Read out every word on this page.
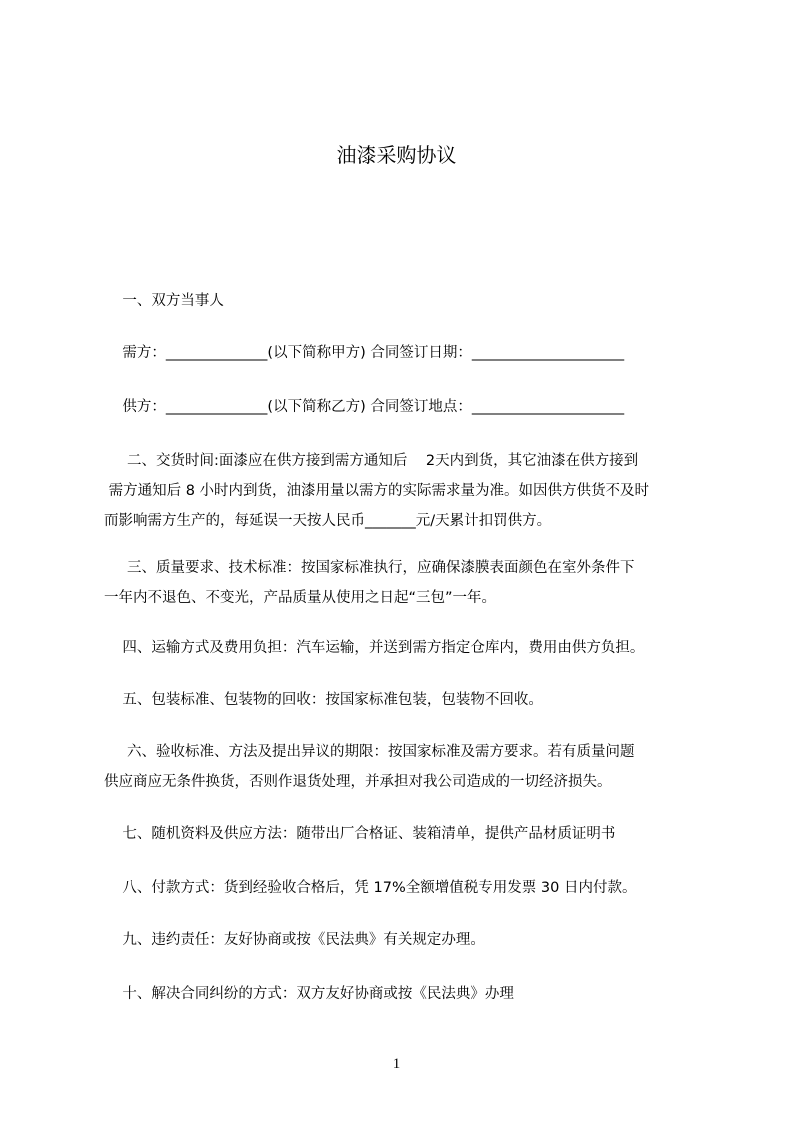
油漆采购协议
一、双方当事人
需方：______________(以下简称甲方) 合同签订日期：_____________________
供方：______________(以下简称乙方) 合同签订地点：_____________________
二、交货时间:面漆应在供方接到需方通知后    2天内到货，其它油漆在供方接到
需方通知后 8 小时内到货，油漆用量以需方的实际需求量为准。如因供方供货不及时
而影响需方生产的，每延误一天按人民币_______元/天累计扣罚供方。
三、质量要求、技术标准：按国家标准执行，应确保漆膜表面颜色在室外条件下
一年内不退色、不变光，产品质量从使用之日起“三包”一年。
四、运输方式及费用负担：汽车运输，并送到需方指定仓库内，费用由供方负担。
五、包装标准、包装物的回收：按国家标准包装，包装物不回收。
六、验收标准、方法及提出异议的期限：按国家标准及需方要求。若有质量问题
供应商应无条件换货，否则作退货处理，并承担对我公司造成的一切经济损失。
七、随机资料及供应方法：随带出厂合格证、装箱清单，提供产品材质证明书
八、付款方式：货到经验收合格后，凭 17%全额增值税专用发票 30 日内付款。
九、违约责任：友好协商或按《民法典》有关规定办理。
十、解决合同纠纷的方式：双方友好协商或按《民法典》办理
1
